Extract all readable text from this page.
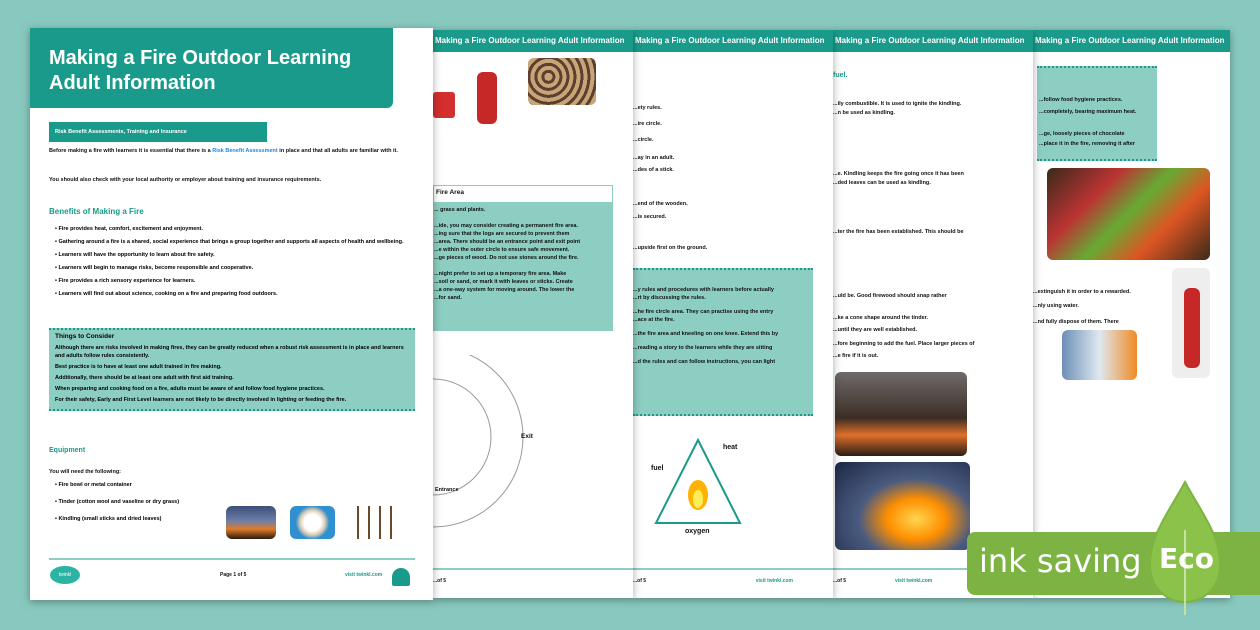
Making a Fire Outdoor Learning Adult Information
...follow food hygiene practices.
...completely, bearing maximum heat.
...ge, loosely pieces of chocolate
...place it in the fire, removing it after
...extinguish it in order to a rewarded.
...nly using water.
...nd fully dispose of them. There
Making a Fire Outdoor Learning Adult Information
fuel.
...ily combustible. It is used to ignite the kindling.
...n be used as kindling.
...e. Kindling keeps the fire going once it has been
...ded leaves can be used as kindling.
...ter the fire has been established. This should be
...uld be. Good firewood should snap rather
...ke a cone shape around the tinder.
...until they are well established.
...fore beginning to add the fuel. Place larger pieces of
...e fire if it is out.
...of 5	visit twinkl.com
Making a Fire Outdoor Learning Adult Information
...ety rules.
...ire circle.
...circle.
...ay in an adult.
...des of a stick.
...end of the wooden.
...is secured.
...upside first on the ground.
...y rules and procedures with learners before actually
...rt by discussing the rules.
...he fire circle area. They can practise using the entry
...ace at the fire.
...the fire area and kneeling on one knee. Extend this by
...reading a story to the learners while they are sitting
...d the rules and can follow instructions, you can light
fuel
heat
oxygen
...of 5	visit twinkl.com
Making a Fire Outdoor Learning Adult Information
Fire Area
... grass and plants.
...ide, you may consider creating a permanent fire area.
...ing sure that the logs are secured to prevent them
...area. There should be an entrance point and exit point
...e within the outer circle to ensure safe movement.
...ge pieces of wood. Do not use stones around the fire.
...night prefer to set up a temporary fire area. Make
...soil or sand, or mark it with leaves or sticks. Create
...a one-way system for moving around. The lower the
...for sand.
Exit
Entrance
...of 5
Making a Fire Outdoor Learning Adult Information
Risk Benefit Assessments, Training and Insurance
Before making a fire with learners it is essential that there is a Risk Benefit Assessment in place and that all adults are familiar with it.
You should also check with your local authority or employer about training and insurance requirements.
Benefits of Making a Fire
• Fire provides heat, comfort, excitement and enjoyment.
• Gathering around a fire is a shared, social experience that brings a group together and supports all aspects of health and wellbeing.
• Learners will have the opportunity to learn about fire safety.
• Learners will begin to manage risks, become responsible and cooperative.
• Fire provides a rich sensory experience for learners.
• Learners will find out about science, cooking on a fire and preparing food outdoors.
Things to Consider
Although there are risks involved in making fires, they can be greatly reduced when a robust risk assessment is in place and learners and adults follow rules consistently.
Best practice is to have at least one adult trained in fire making.
Additionally, there should be at least one adult with first aid training.
When preparing and cooking food on a fire, adults must be aware of and follow food hygiene practices.
For their safety, Early and First Level learners are not likely to be directly involved in lighting or feeding the fire.
Equipment
You will need the following:
• Fire bowl or metal container
• Tinder (cotton wool and vaseline or dry grass)
• Kindling (small sticks and dried leaves)
twinkl	Page 1 of 5	visit twinkl.com	ink saving Eco
